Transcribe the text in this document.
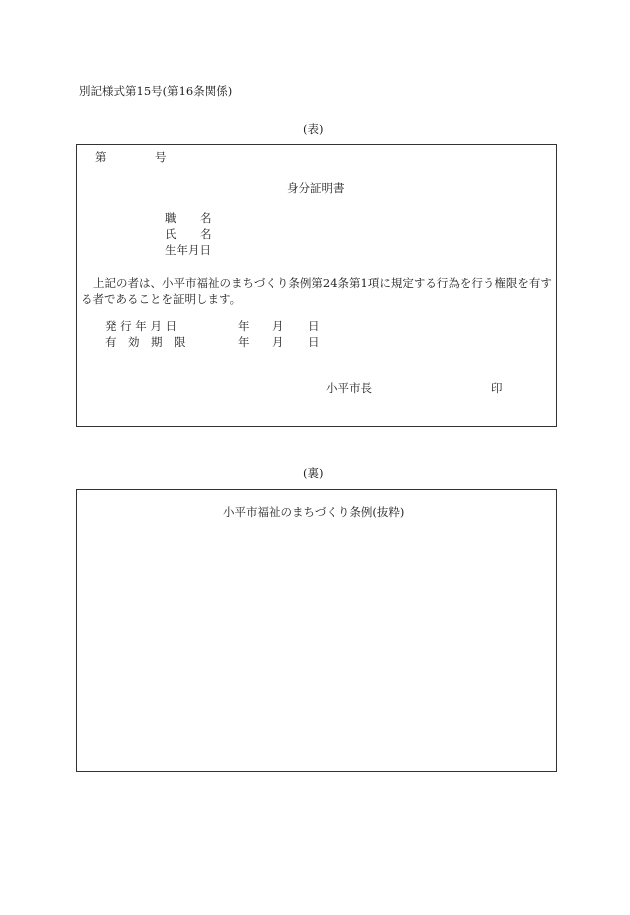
別記様式第15号(第16条関係)
(表)
第	号
身分証明書
職 名
氏 名
生年月日
上記の者は、小平市福祉のまちづくり条例第24条第1項に規定する行為を行う権限を有する者であることを証明します。
発 行 年 月 日	年 月 日
有　効　期　限	年 月 日
小平市長	印
(裏)
小平市福祉のまちづくり条例(抜粋)
